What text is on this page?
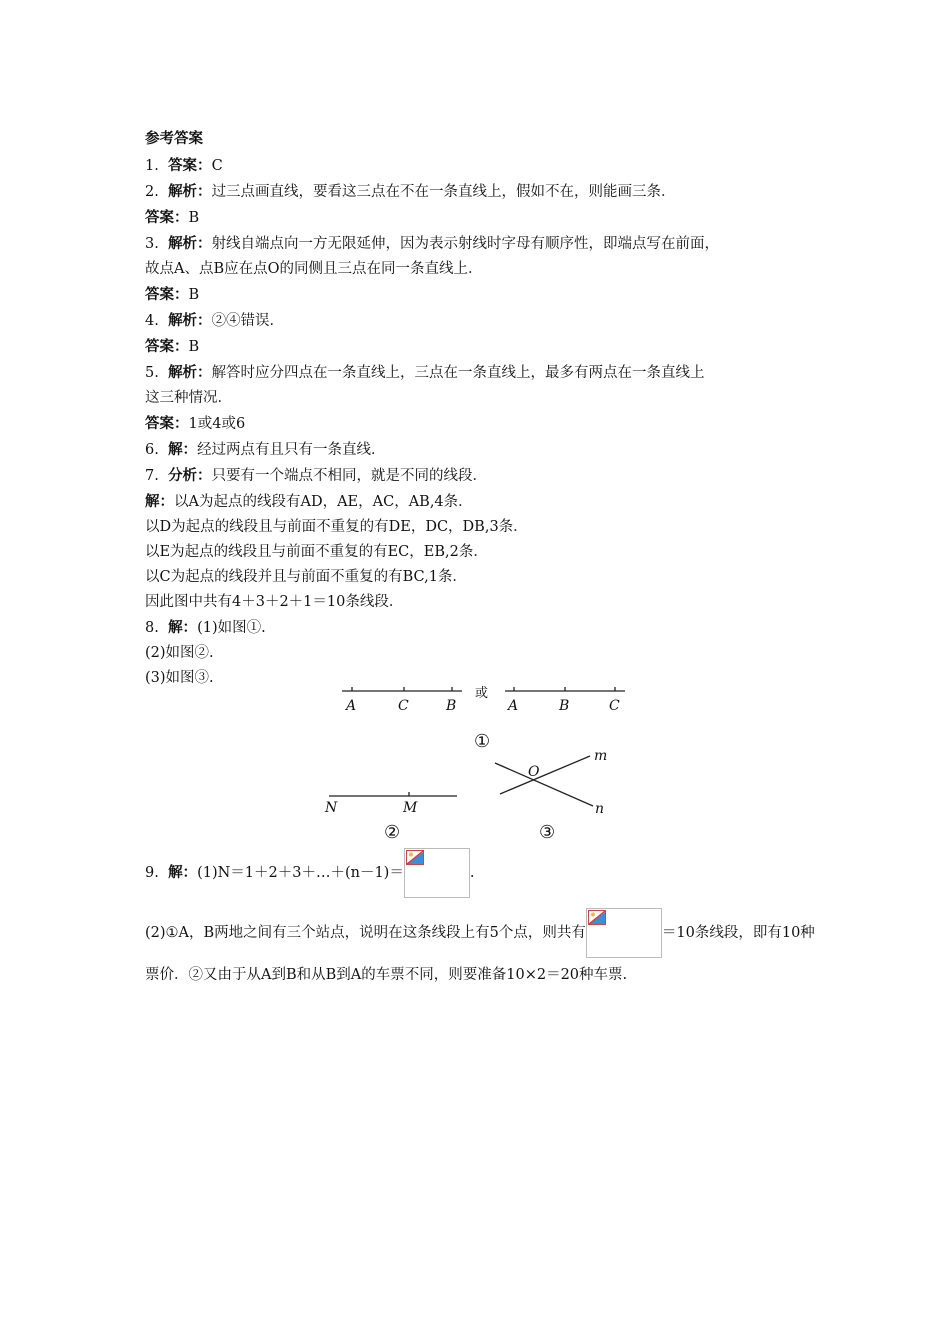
参考答案
1. 答案：C
2. 解析：过三点画直线，要看这三点在不在一条直线上，假如不在，则能画三条．
答案：B
3. 解析：射线自端点向一方无限延伸，因为表示射线时字母有顺序性，即端点写在前面，
故点A、点B应在点O的同侧且三点在同一条直线上．
答案：B
4. 解析：②④错误．
答案：B
5. 解析：解答时应分四点在一条直线上，三点在一条直线上，最多有两点在一条直线上
这三种情况．
答案：1或4或6
6. 解：经过两点有且只有一条直线．
7. 分析：只要有一个端点不相同，就是不同的线段．
解：以A为起点的线段有AD，AE，AC，AB,4条．
以D为起点的线段且与前面不重复的有DE，DC，DB,3条．
以E为起点的线段且与前面不重复的有EC，EB,2条．
以C为起点的线段并且与前面不重复的有BC,1条．
因此图中共有4＋3＋2＋1＝10条线段．
8. 解：(1)如图①.
(2)如图②.
(3)如图③.
A	C	B	A	B	C
N	M
O
m
n
或
①
②	③
9. 解：(1)N＝1＋2＋3＋…＋(n－1)＝	.
(2)①A，B两地之间有三个站点，说明在这条线段上有5个点，则共有	＝10条线段，即有10种票价．②又由于从A到B和从B到A的车票不同，则要准备10×2＝20种车票.
